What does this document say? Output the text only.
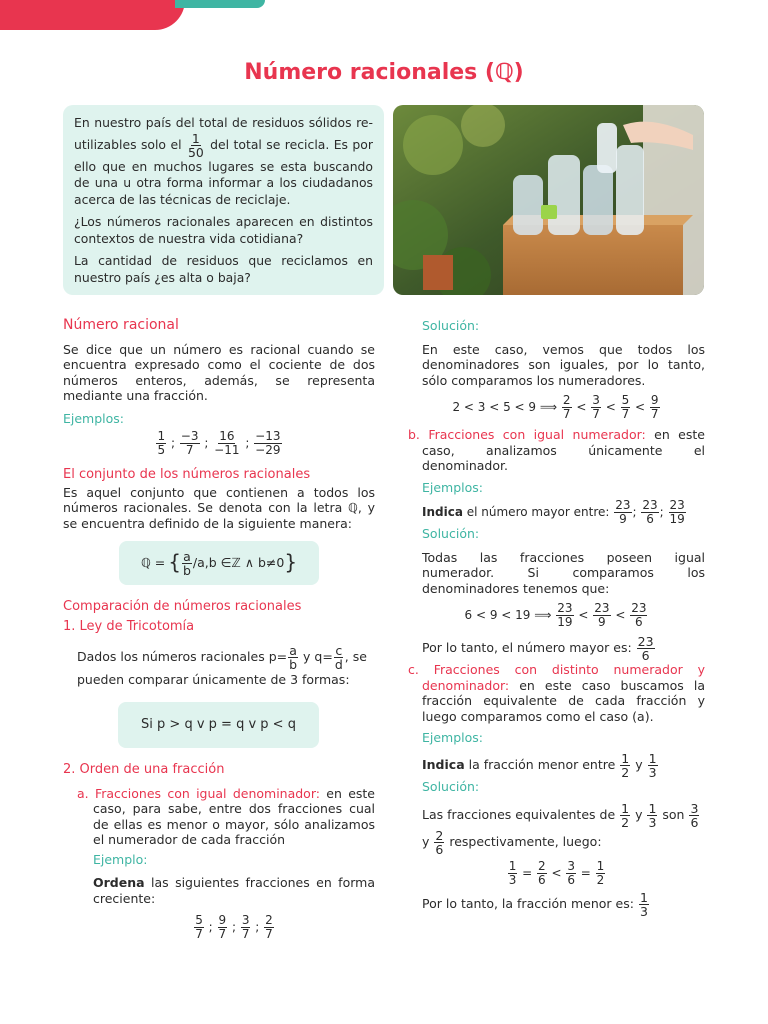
Número racionales (ℚ)

En nuestro país del total de residuos sólidos re-utilizables solo el $\frac{1}{50}$ del total se recicla. Es por ello que en muchos lugares se esta buscando de una u otra forma informar a los ciudadanos acerca de las técnicas de reciclaje.

¿Los números racionales aparecen en distintos contextos de nuestra vida cotidiana?

La cantidad de residuos que reciclamos en nuestro país ¿es alta o baja?

Número racional

Se dice que un número es racional cuando se encuentra expresado como el cociente de dos números enteros, además, se representa mediante una fracción.

Ejemplos:

$\frac{1}{5}$ ; $\frac{-3}{7}$ ; $\frac{16}{-11}$ ; $\frac{-13}{-29}$

El conjunto de los números racionales

Es aquel conjunto que contienen a todos los números racionales. Se denota con la letra ℚ, y se encuentra definido de la siguiente manera:

ℚ = { $\frac{a}{b} /a,b$ ∈ℤ ∧ b≠0 }

Comparación de números racionales

1. Ley de Tricotomía

Dados los números racionales $p= \frac{a}{b}$ y $q= \frac{c}{d}$ , se pueden comparar únicamente de 3 formas:

Si p > q v p = q v p < q

2. Orden de una fracción

a. Fracciones con igual denominador: en este caso, para sabe, entre dos fracciones cual de ellas es menor o mayor, sólo analizamos el numerador de cada fracción

Ejemplo:

Ordena las siguientes fracciones en forma creciente:

$\frac{5}{7}$ ; $\frac{9}{7}$ ; $\frac{3}{7}$ ; $\frac{2}{7}$

Solución:

En este caso, vemos que todos los denominadores son iguales, por lo tanto, sólo comparamos los numeradores.

2 < 3 < 5 < 9 ⟹ $\frac{2}{7} < \frac{3}{7} < \frac{5}{7} < \frac{9}{7}$

b. Fracciones con igual numerador: en este caso, analizamos únicamente el denominador.

Ejemplos:

Indica el número mayor entre: $\frac{23}{9}$ ; $\frac{23}{6}$ ; $\frac{23}{19}$

Solución:

Todas las fracciones poseen igual numerador. Si comparamos los denominadores tenemos que:

6 < 9 < 19 ⟹ $\frac{23}{19} < \frac{23}{9} < \frac{23}{6}$

Por lo tanto, el número mayor es: $\frac{23}{6}$

c. Fracciones con distinto numerador y denominador: en este caso buscamos la fracción equivalente de cada fracción y luego comparamos como el caso (a).

Ejemplos:

Indica la fracción menor entre $\frac{1}{2}$ y $\frac{1}{3}$

Solución:

Las fracciones equivalentes de $\frac{1}{2}$ y $\frac{1}{3}$ son $\frac{3}{6}$

y $\frac{2}{6}$ respectivamente, luego:

$\frac{1}{3} = \frac{2}{6} < \frac{3}{6} = \frac{1}{2}$

Por lo tanto, la fracción menor es: $\frac{1}{3}$
